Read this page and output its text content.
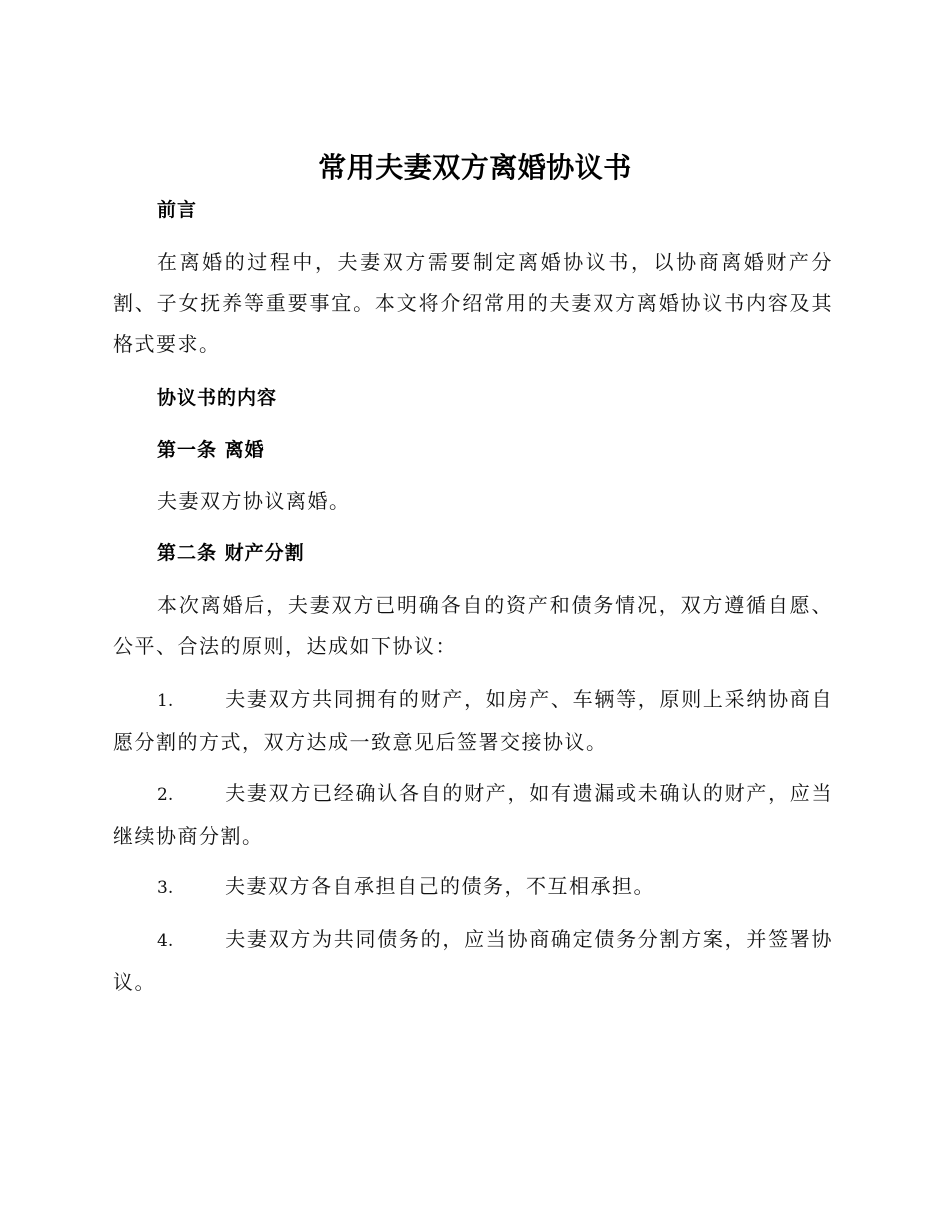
常用夫妻双方离婚协议书
前言
在离婚的过程中，夫妻双方需要制定离婚协议书，以协商离婚财产分割、子女抚养等重要事宜。本文将介绍常用的夫妻双方离婚协议书内容及其格式要求。
协议书的内容
第一条 离婚
夫妻双方协议离婚。
第二条 财产分割
本次离婚后，夫妻双方已明确各自的资产和债务情况，双方遵循自愿、公平、合法的原则，达成如下协议：
1.	夫妻双方共同拥有的财产，如房产、车辆等，原则上采纳协商自愿分割的方式，双方达成一致意见后签署交接协议。
2.	夫妻双方已经确认各自的财产，如有遗漏或未确认的财产，应当继续协商分割。
3.	夫妻双方各自承担自己的债务，不互相承担。
4.	夫妻双方为共同债务的，应当协商确定债务分割方案，并签署协议。
